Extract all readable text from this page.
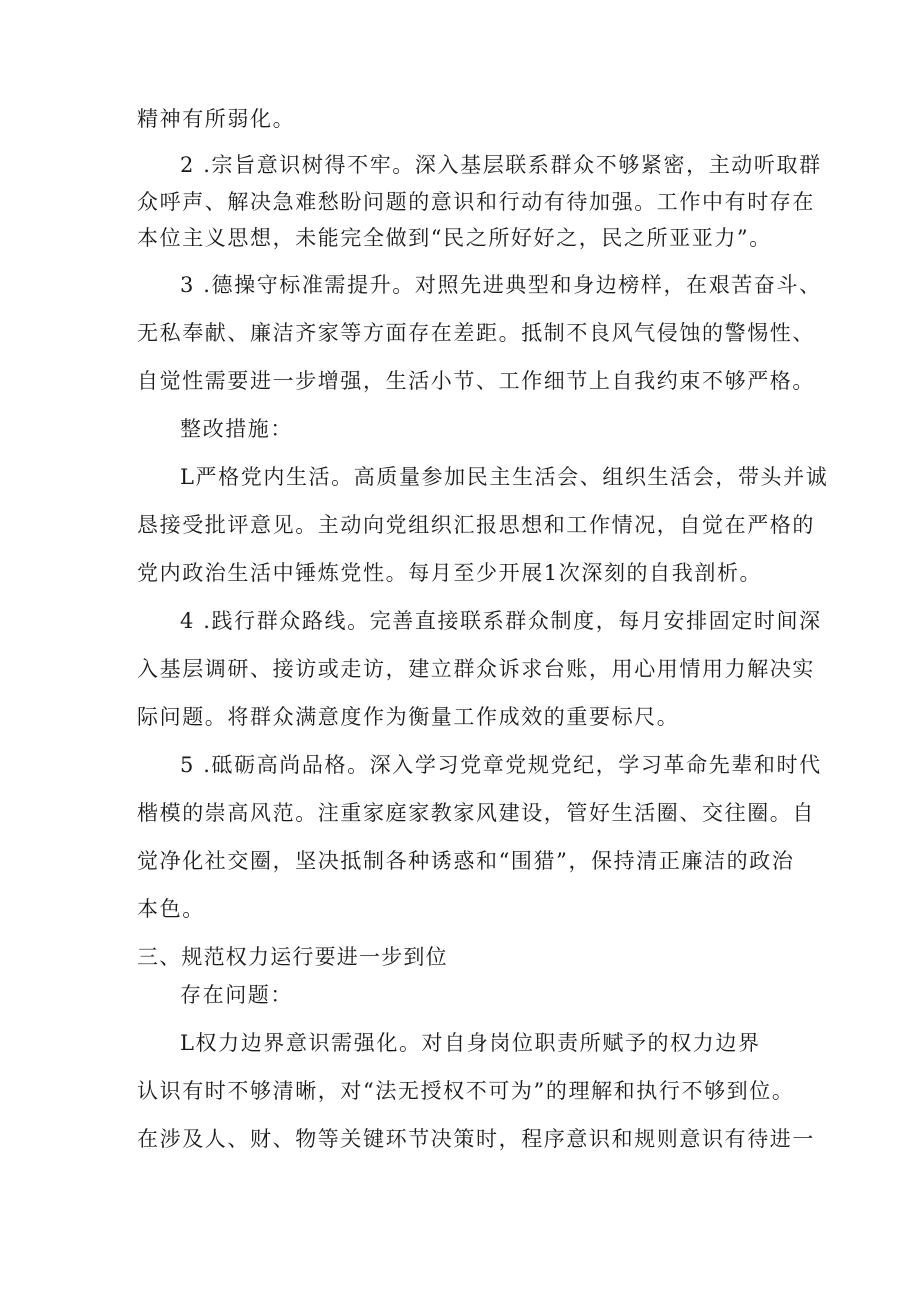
精神有所弱化。
2 .宗旨意识树得不牢。深入基层联系群众不够紧密，主动听取群
众呼声、解决急难愁盼问题的意识和行动有待加强。工作中有时存在
本位主义思想，未能完全做到“民之所好好之，民之所亚亚力”。
3 .德操守标准需提升。对照先进典型和身边榜样，在艰苦奋斗、
无私奉献、廉洁齐家等方面存在差距。抵制不良风气侵蚀的警惕性、
自觉性需要进一步增强，生活小节、工作细节上自我约束不够严格。
整改措施：
L严格党内生活。高质量参加民主生活会、组织生活会，带头并诚
恳接受批评意见。主动向党组织汇报思想和工作情况，自觉在严格的
党内政治生活中锤炼党性。每月至少开展1次深刻的自我剖析。
4 .践行群众路线。完善直接联系群众制度，每月安排固定时间深
入基层调研、接访或走访，建立群众诉求台账，用心用情用力解决实
际问题。将群众满意度作为衡量工作成效的重要标尺。
5 .砥砺高尚品格。深入学习党章党规党纪，学习革命先辈和时代
楷模的崇高风范。注重家庭家教家风建设，管好生活圈、交往圈。自
觉净化社交圈，坚决抵制各种诱惑和“围猎”，保持清正廉洁的政治
本色。
三、规范权力运行要进一步到位
存在问题：
L权力边界意识需强化。对自身岗位职责所赋予的权力边界
认识有时不够清晰，对“法无授权不可为”的理解和执行不够到位。
在涉及人、财、物等关键环节决策时，程序意识和规则意识有待进一
